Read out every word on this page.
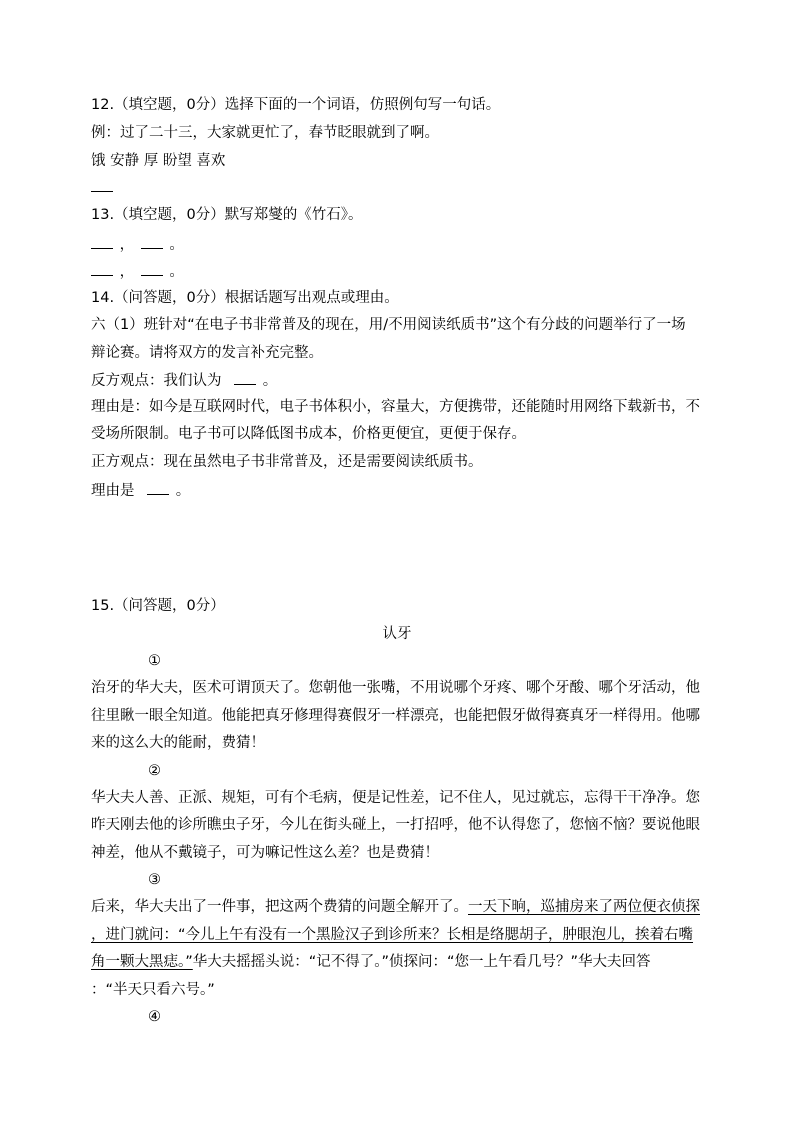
12.（填空题，0分）选择下面的一个词语，仿照例句写一句话。
例：过了二十三，大家就更忙了，春节眨眼就到了啊。
饿 安静 厚 盼望 喜欢
13.（填空题，0分）默写郑燮的《竹石》。
， 。
， 。
14.（问答题，0分）根据话题写出观点或理由。
六（1）班针对“在电子书非常普及的现在，用/不用阅读纸质书”这个有分歧的问题举行了一场
辩论赛。请将双方的发言补充完整。
反方观点：我们认为	。
理由是：如今是互联网时代，电子书体积小，容量大，方便携带，还能随时用网络下载新书，不
受场所限制。电子书可以降低图书成本，价格更便宜，更便于保存。
正方观点：现在虽然电子书非常普及，还是需要阅读纸质书。
理由是	。
15.（问答题，0分）
认牙
①
治牙的华大夫，医术可谓顶天了。您朝他一张嘴，不用说哪个牙疼、哪个牙酸、哪个牙活动，他
往里瞅一眼全知道。他能把真牙修理得赛假牙一样漂亮，也能把假牙做得赛真牙一样得用。他哪
来的这么大的能耐，费猜！
②
华大夫人善、正派、规矩，可有个毛病，便是记性差，记不住人，见过就忘，忘得干干净净。您
昨天刚去他的诊所瞧虫子牙，今儿在街头碰上，一打招呼，他不认得您了，您恼不恼？要说他眼
神差，他从不戴镜子，可为嘛记性这么差？也是费猜！
③
后来，华大夫出了一件事，把这两个费猜的问题全解开了。一天下晌，巡捕房来了两位便衣侦探
，进门就问：“今儿上午有没有一个黑脸汉子到诊所来？长相是络腮胡子，肿眼泡儿，挨着右嘴
角一颗大黑痣。”华大夫摇摇头说：“记不得了。”侦探问：“您一上午看几号？”华大夫回答
：“半天只看六号。”
④
